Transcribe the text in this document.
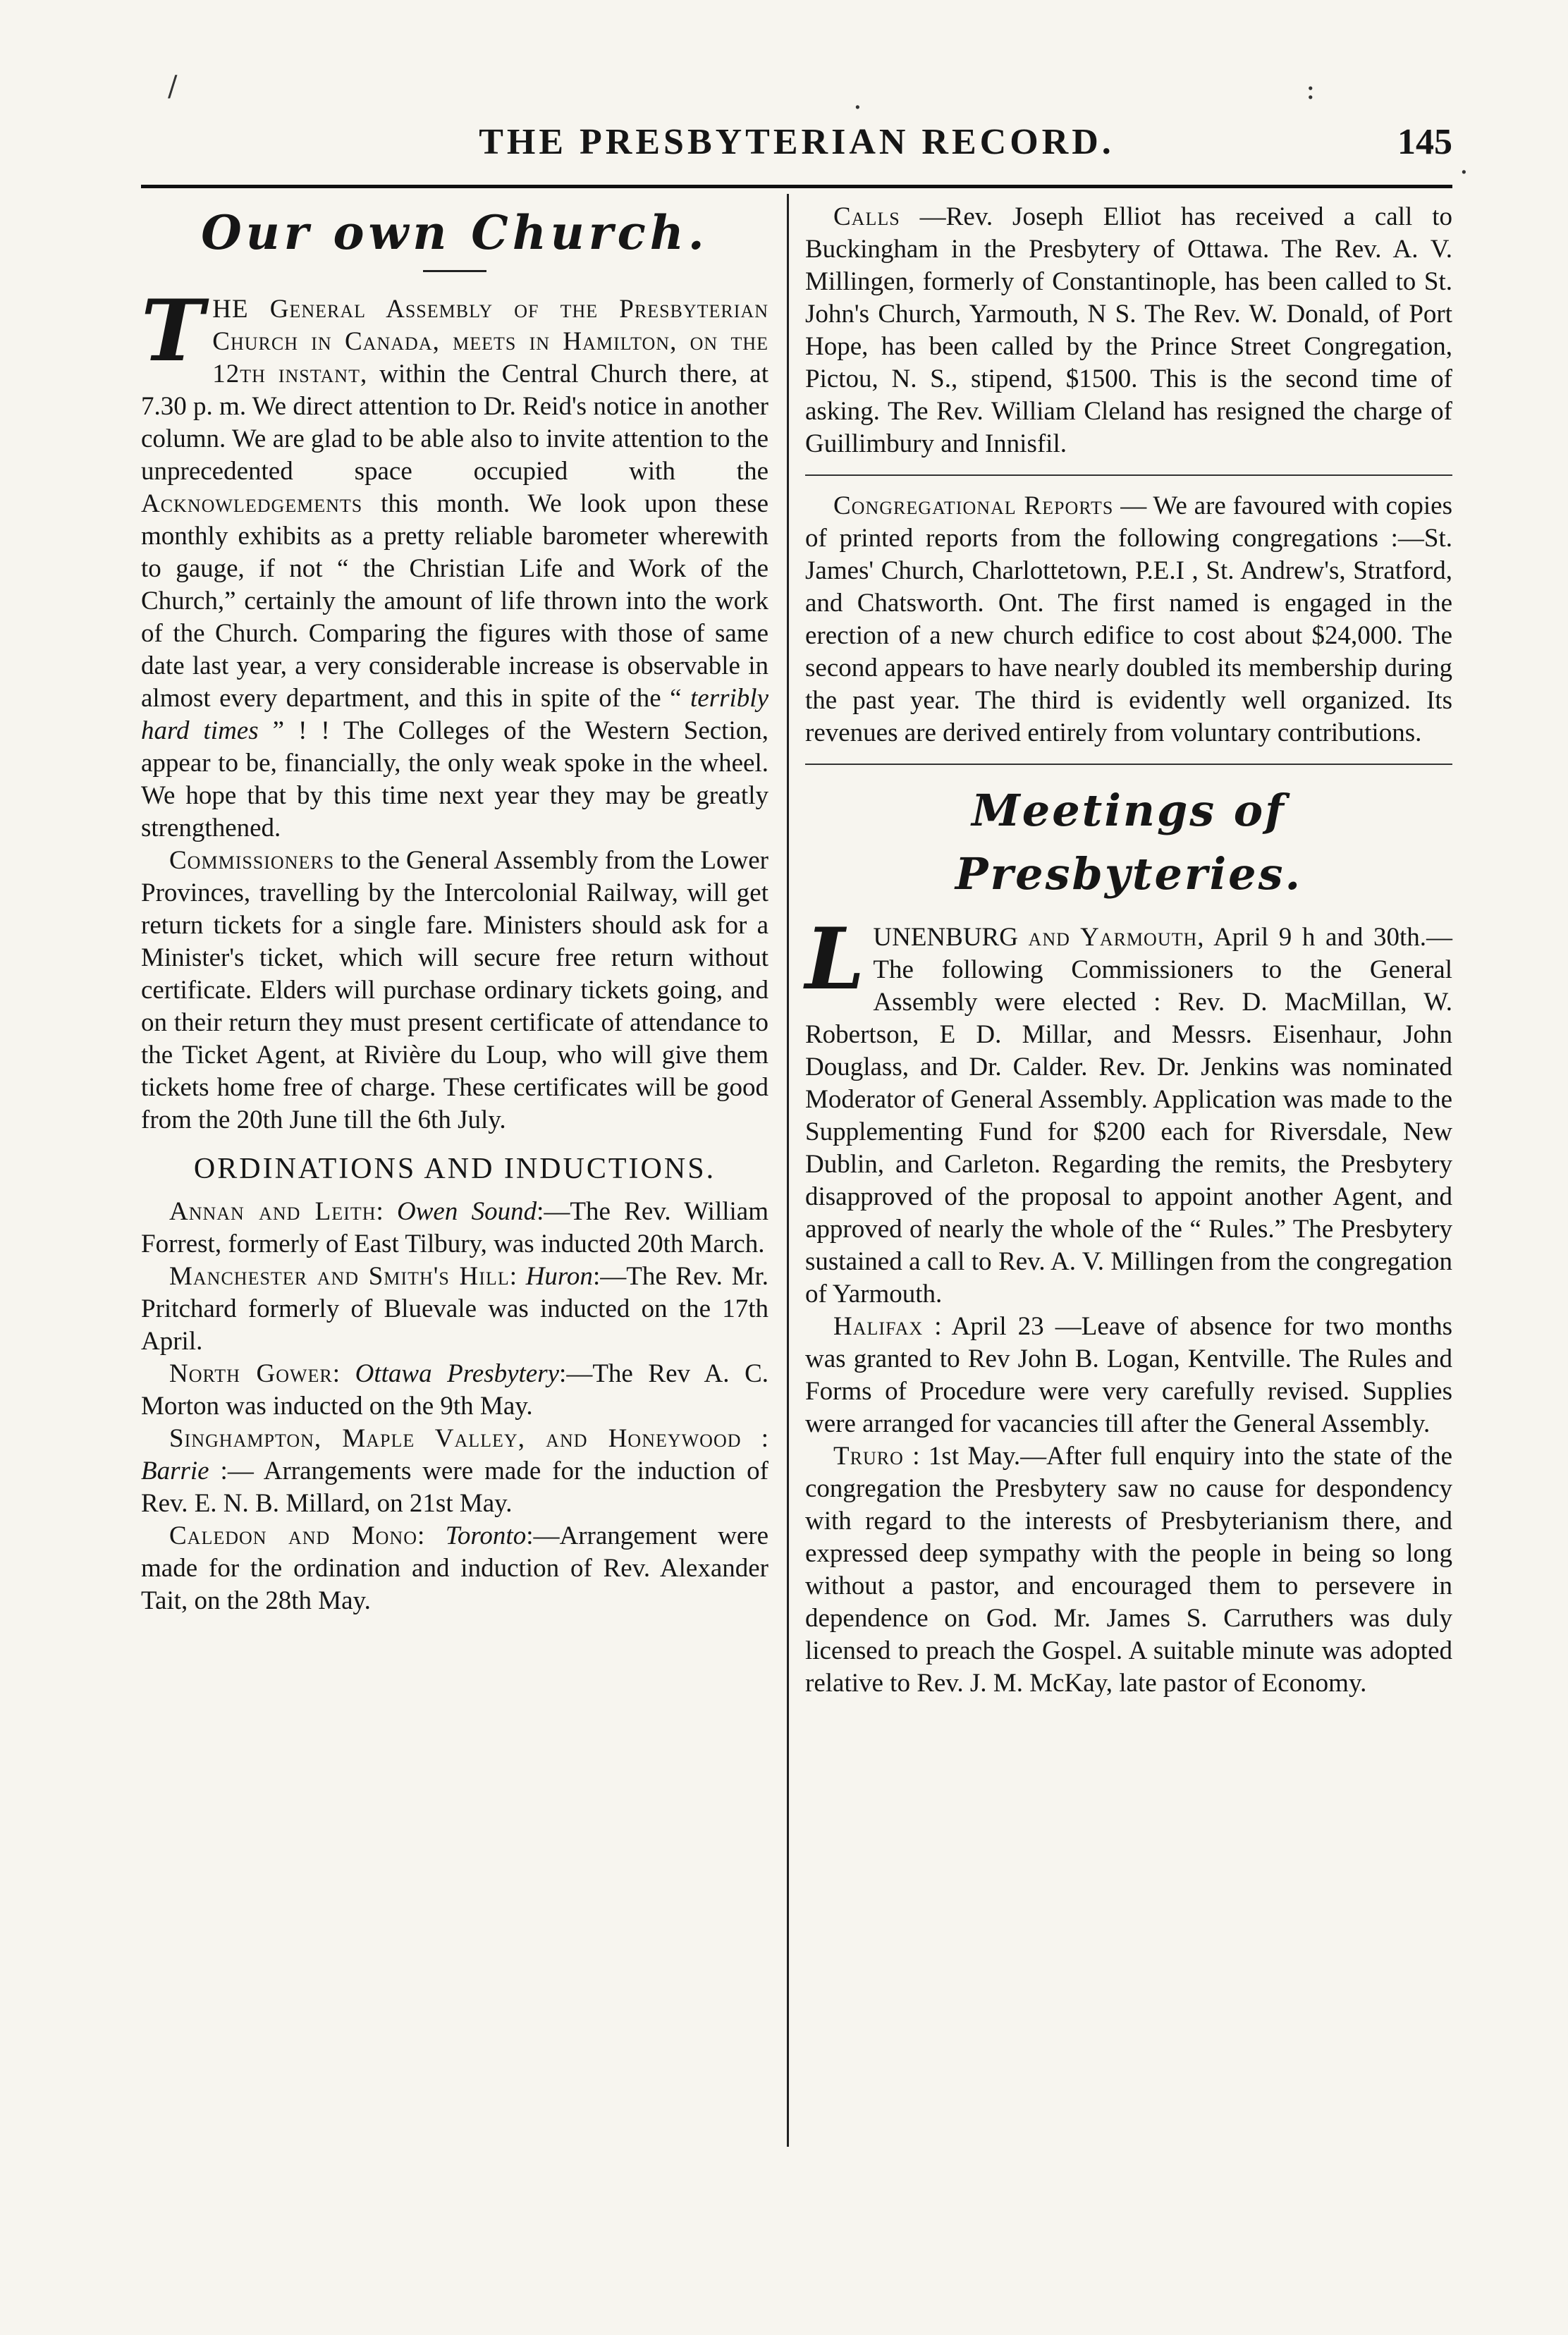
/	.	:
.
THE PRESBYTERIAN RECORD.	145
Our own Church.

THE General Assembly of the Presbyterian Church in Canada, meets in Hamilton, on the 12th instant, within the Central Church there, at 7.30 p. m. We direct attention to Dr. Reid's notice in another column. We are glad to be able also to invite attention to the unprecedented space occupied with the Acknowledgements this month. We look upon these monthly exhibits as a pretty reliable barometer wherewith to gauge, if not “ the Christian Life and Work of the Church,” certainly the amount of life thrown into the work of the Church. Comparing the figures with those of same date last year, a very considerable increase is observable in almost every department, and this in spite of the “ terribly hard times ” ! ! The Colleges of the Western Section, appear to be, financially, the only weak spoke in the wheel. We hope that by this time next year they may be greatly strengthened.

Commissioners to the General Assembly from the Lower Provinces, travelling by the Intercolonial Railway, will get return tickets for a single fare. Ministers should ask for a Minister's ticket, which will secure free return without certificate. Elders will purchase ordinary tickets going, and on their return they must present certificate of attendance to the Ticket Agent, at Rivière du Loup, who will give them tickets home free of charge. These certificates will be good from the 20th June till the 6th July.

ORDINATIONS AND INDUCTIONS.

Annan and Leith: Owen Sound:—The Rev. William Forrest, formerly of East Tilbury, was inducted 20th March.

Manchester and Smith's Hill: Huron:—The Rev. Mr. Pritchard formerly of Bluevale was inducted on the 17th April.

North Gower: Ottawa Presbytery:—The Rev A. C. Morton was inducted on the 9th May.

Singhampton, Maple Valley, and Honeywood : Barrie :— Arrangements were made for the induction of Rev. E. N. B. Millard, on 21st May.

Caledon and Mono: Toronto:—Arrangement were made for the ordination and induction of Rev. Alexander Tait, on the 28th May.

Calls —Rev. Joseph Elliot has received a call to Buckingham in the Presbytery of Ottawa. The Rev. A. V. Millingen, formerly of Constantinople, has been called to St. John's Church, Yarmouth, N S. The Rev. W. Donald, of Port Hope, has been called by the Prince Street Congregation, Pictou, N. S., stipend, $1500. This is the second time of asking. The Rev. William Cleland has resigned the charge of Guillimbury and Innisfil.

Congregational Reports — We are favoured with copies of printed reports from the following congregations :—St. James' Church, Charlottetown, P.E.I , St. Andrew's, Stratford, and Chatsworth. Ont. The first named is engaged in the erection of a new church edifice to cost about $24,000. The second appears to have nearly doubled its membership during the past year. The third is evidently well organized. Its revenues are derived entirely from voluntary contributions.

Meetings of Presbyteries.

LUNENBURG and Yarmouth, April 9 h and 30th.—The following Commissioners to the General Assembly were elected : Rev. D. MacMillan, W. Robertson, E D. Millar, and Messrs. Eisenhaur, John Douglass, and Dr. Calder. Rev. Dr. Jenkins was nominated Moderator of General Assembly. Application was made to the Supplementing Fund for $200 each for Riversdale, New Dublin, and Carleton. Regarding the remits, the Presbytery disapproved of the proposal to appoint another Agent, and approved of nearly the whole of the “ Rules.” The Presbytery sustained a call to Rev. A. V. Millingen from the congregation of Yarmouth.

Halifax : April 23 —Leave of absence for two months was granted to Rev John B. Logan, Kentville. The Rules and Forms of Procedure were very carefully revised. Supplies were arranged for vacancies till after the General Assembly.

Truro : 1st May.—After full enquiry into the state of the congregation the Presbytery saw no cause for despondency with regard to the interests of Presbyterianism there, and expressed deep sympathy with the people in being so long without a pastor, and encouraged them to persevere in dependence on God. Mr. James S. Carruthers was duly licensed to preach the Gospel. A suitable minute was adopted relative to Rev. J. M. McKay, late pastor of Economy.
